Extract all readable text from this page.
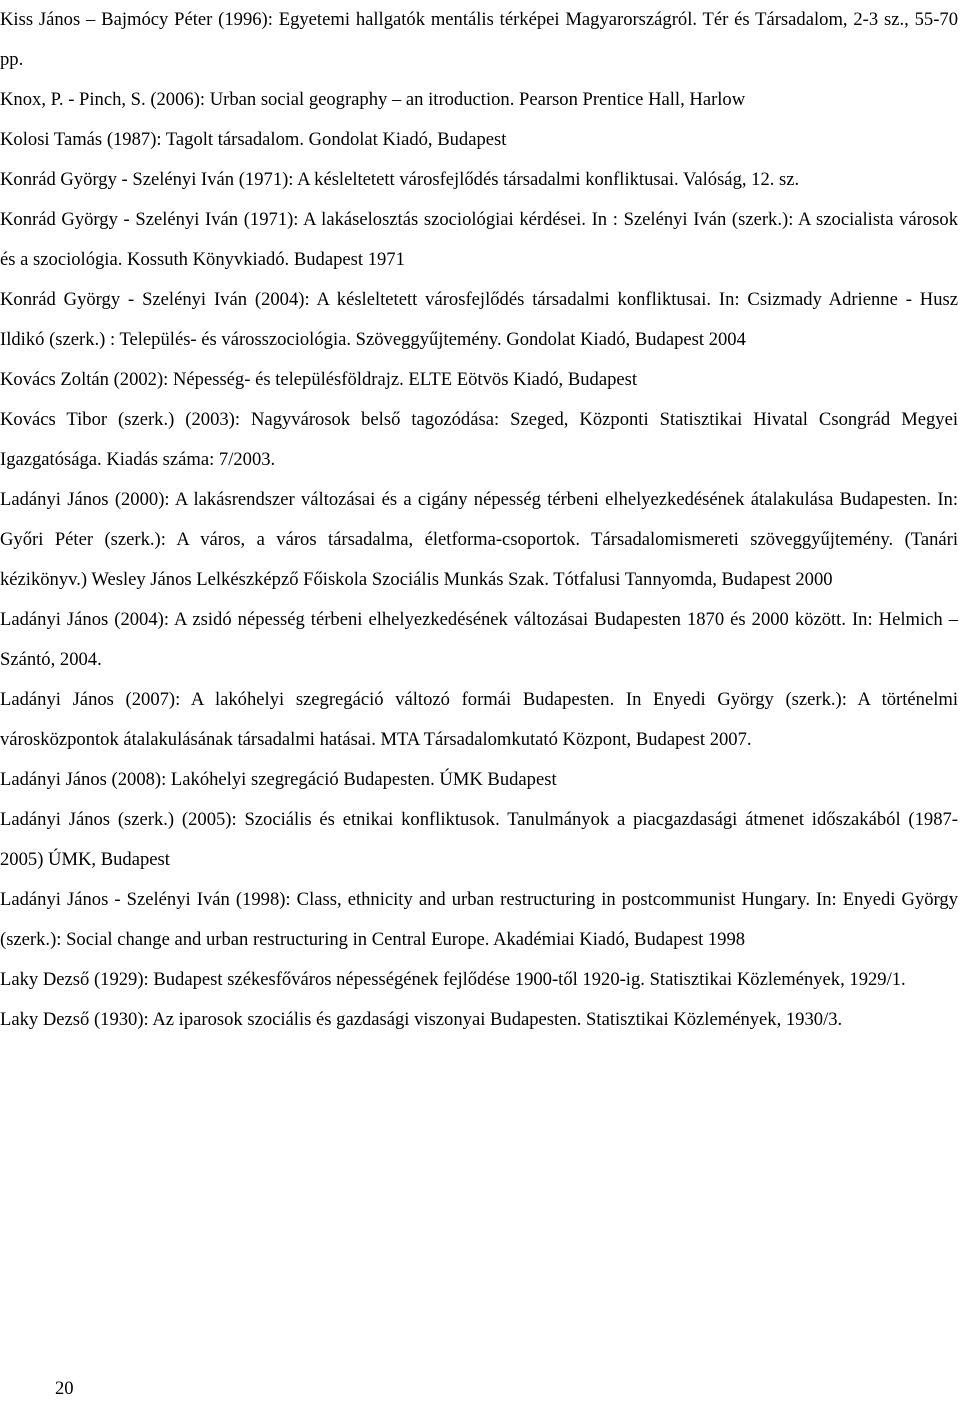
Kiss János – Bajmócy Péter (1996): Egyetemi hallgatók mentális térképei Magyarországról. Tér és Társadalom, 2-3 sz., 55-70 pp.
Knox, P. - Pinch, S. (2006): Urban social geography – an itroduction. Pearson Prentice Hall, Harlow
Kolosi Tamás (1987): Tagolt társadalom. Gondolat Kiadó, Budapest
Konrád György - Szelényi Iván (1971): A késleltetett városfejlődés társadalmi konfliktusai. Valóság, 12. sz.
Konrád György - Szelényi Iván (1971): A lakáselosztás szociológiai kérdései. In : Szelényi Iván (szerk.): A szocialista városok és a szociológia. Kossuth Könyvkiadó. Budapest 1971
Konrád György - Szelényi Iván (2004): A késleltetett városfejlődés társadalmi konfliktusai. In: Csizmady Adrienne - Husz Ildikó (szerk.) : Település- és városszociológia. Szöveggyűjtemény. Gondolat Kiadó, Budapest 2004
Kovács Zoltán (2002): Népesség- és településföldrajz. ELTE Eötvös Kiadó, Budapest
Kovács Tibor (szerk.) (2003): Nagyvárosok belső tagozódása: Szeged, Központi Statisztikai Hivatal Csongrád Megyei Igazgatósága. Kiadás száma: 7/2003.
Ladányi János (2000): A lakásrendszer változásai és a cigány népesség térbeni elhelyezkedésének átalakulása Budapesten. In: Győri Péter (szerk.): A város, a város társadalma, életforma-csoportok. Társadalomismereti szöveggyűjtemény. (Tanári kézikönyv.) Wesley János Lelkészképző Főiskola Szociális Munkás Szak. Tótfalusi Tannyomda, Budapest 2000
Ladányi János (2004): A zsidó népesség térbeni elhelyezkedésének változásai Budapesten 1870 és 2000 között. In: Helmich – Szántó, 2004.
Ladányi János (2007): A lakóhelyi szegregáció változó formái Budapesten. In Enyedi György (szerk.): A történelmi városközpontok átalakulásának társadalmi hatásai. MTA Társadalomkutató Központ, Budapest 2007.
Ladányi János (2008): Lakóhelyi szegregáció Budapesten. ÚMK Budapest
Ladányi János (szerk.) (2005): Szociális és etnikai konfliktusok. Tanulmányok a piacgazdasági átmenet időszakából (1987-2005) ÚMK, Budapest
Ladányi János - Szelényi Iván (1998): Class, ethnicity and urban restructuring in postcommunist Hungary. In: Enyedi György (szerk.): Social change and urban restructuring in Central Europe. Akadémiai Kiadó, Budapest 1998
Laky Dezső (1929): Budapest székesfőváros népességének fejlődése 1900-től 1920-ig. Statisztikai Közlemények, 1929/1.
Laky Dezső (1930): Az iparosok szociális és gazdasági viszonyai Budapesten. Statisztikai Közlemények, 1930/3.
20
